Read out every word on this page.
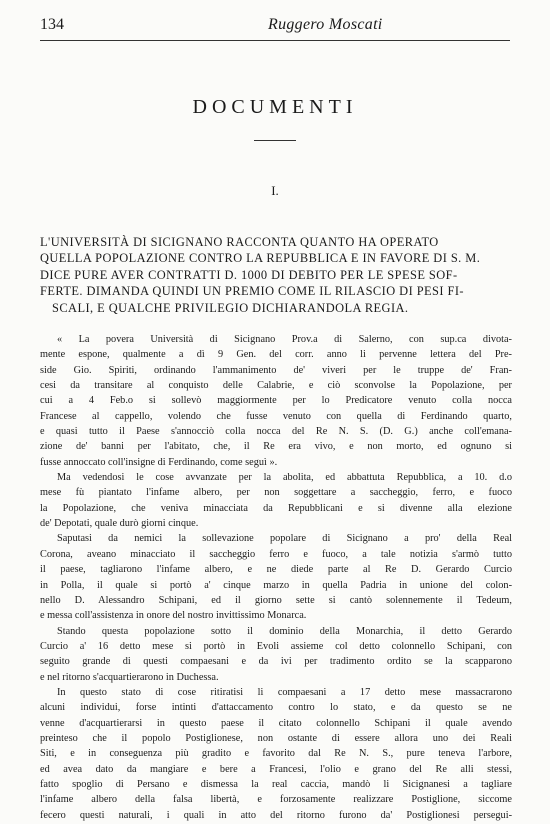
134	Ruggero Moscati
DOCUMENTI
I.
L'UNIVERSITÀ DI SICIGNANO RACCONTA QUANTO HA OPERATO
QUELLA POPOLAZIONE CONTRO LA REPUBBLICA E IN FAVORE DI S. M.
DICE PURE AVER CONTRATTI D. 1000 DI DEBITO PER LE SPESE SOF-
FERTE. DIMANDA QUINDI UN PREMIO COME IL RILASCIO DI PESI FI-
SCALI, E QUALCHE PRIVILEGIO DICHIARANDOLA REGIA.
« La povera Università di Sicignano Prov.a di Salerno, con sup.ca divota-
mente espone, qualmente a dì 9 Gen. del corr. anno li pervenne lettera del Pre-
side Gio. Spiriti, ordinando l'ammanimento de' viveri per le truppe de' Fran-
cesi da transitare al conquisto delle Calabrie, e ciò sconvolse la Popolazione, per
cui a 4 Feb.o si sollevò maggiormente per lo Predicatore venuto colla nocca
Francese al cappello, volendo che fusse venuto con quella di Ferdinando quarto,
e quasi tutto il Paese s'annocciò colla nocca del Re N. S. (D. G.) anche coll'emana-
zione de' banni per l'abitato, che, il Re era vivo, e non morto, ed ognuno si
fusse annoccato coll'insigne di Ferdinando, come seguì ».
Ma vedendosi le cose avvanzate per la abolita, ed abbattuta Repubblica, a 10. d.o
mese fù piantato l'infame albero, per non soggettare a saccheggio, ferro, e fuoco
la Popolazione, che veniva minacciata da Repubblicani e si divenne alla elezione
de' Depotati, quale durò giorni cinque.
Saputasi da nemici la sollevazione popolare di Sicignano a pro' della Real
Corona, aveano minacciato il saccheggio ferro e fuoco, a tale notizia s'armò tutto
il paese, tagliarono l'infame albero, e ne diede parte al Re D. Gerardo Curcio
in Polla, il quale si portò a' cinque marzo in quella Padria in unione del colon-
nello D. Alessandro Schipani, ed il giorno sette si cantò solennemente il Tedeum,
e messa coll'assistenza in onore del nostro invittissimo Monarca.
Stando questa popolazione sotto il dominio della Monarchia, il detto Gerardo
Curcio a' 16 detto mese si portò in Evoli assieme col detto colonnello Schipani, con
seguito grande di questi compaesani e da ivi per tradimento ordito se la scapparono
e nel ritorno s'acquartierarono in Duchessa.
In questo stato di cose ritiratisi li compaesani a 17 detto mese massacrarono
alcuni individui, forse intinti d'attaccamento contro lo stato, e da questo se ne
venne d'acquartierarsi in questo paese il citato colonnello Schipani il quale avendo
preinteso che il popolo Postiglionese, non ostante di essere allora uno dei Reali
Siti, e in conseguenza più gradito e favorito dal Re N. S., pure teneva l'arbore,
ed avea dato da mangiare e bere a Francesi, l'olio e grano del Re alli stessi,
fatto spoglio di Persano e dismessa la real caccia, mandò li Sicignanesi a tagliare
l'infame albero della falsa libertà, e forzosamente realizzare Postiglione, siccome
fecero questi naturali, i quali in atto del ritorno furono da' Postiglionesi persegui-
